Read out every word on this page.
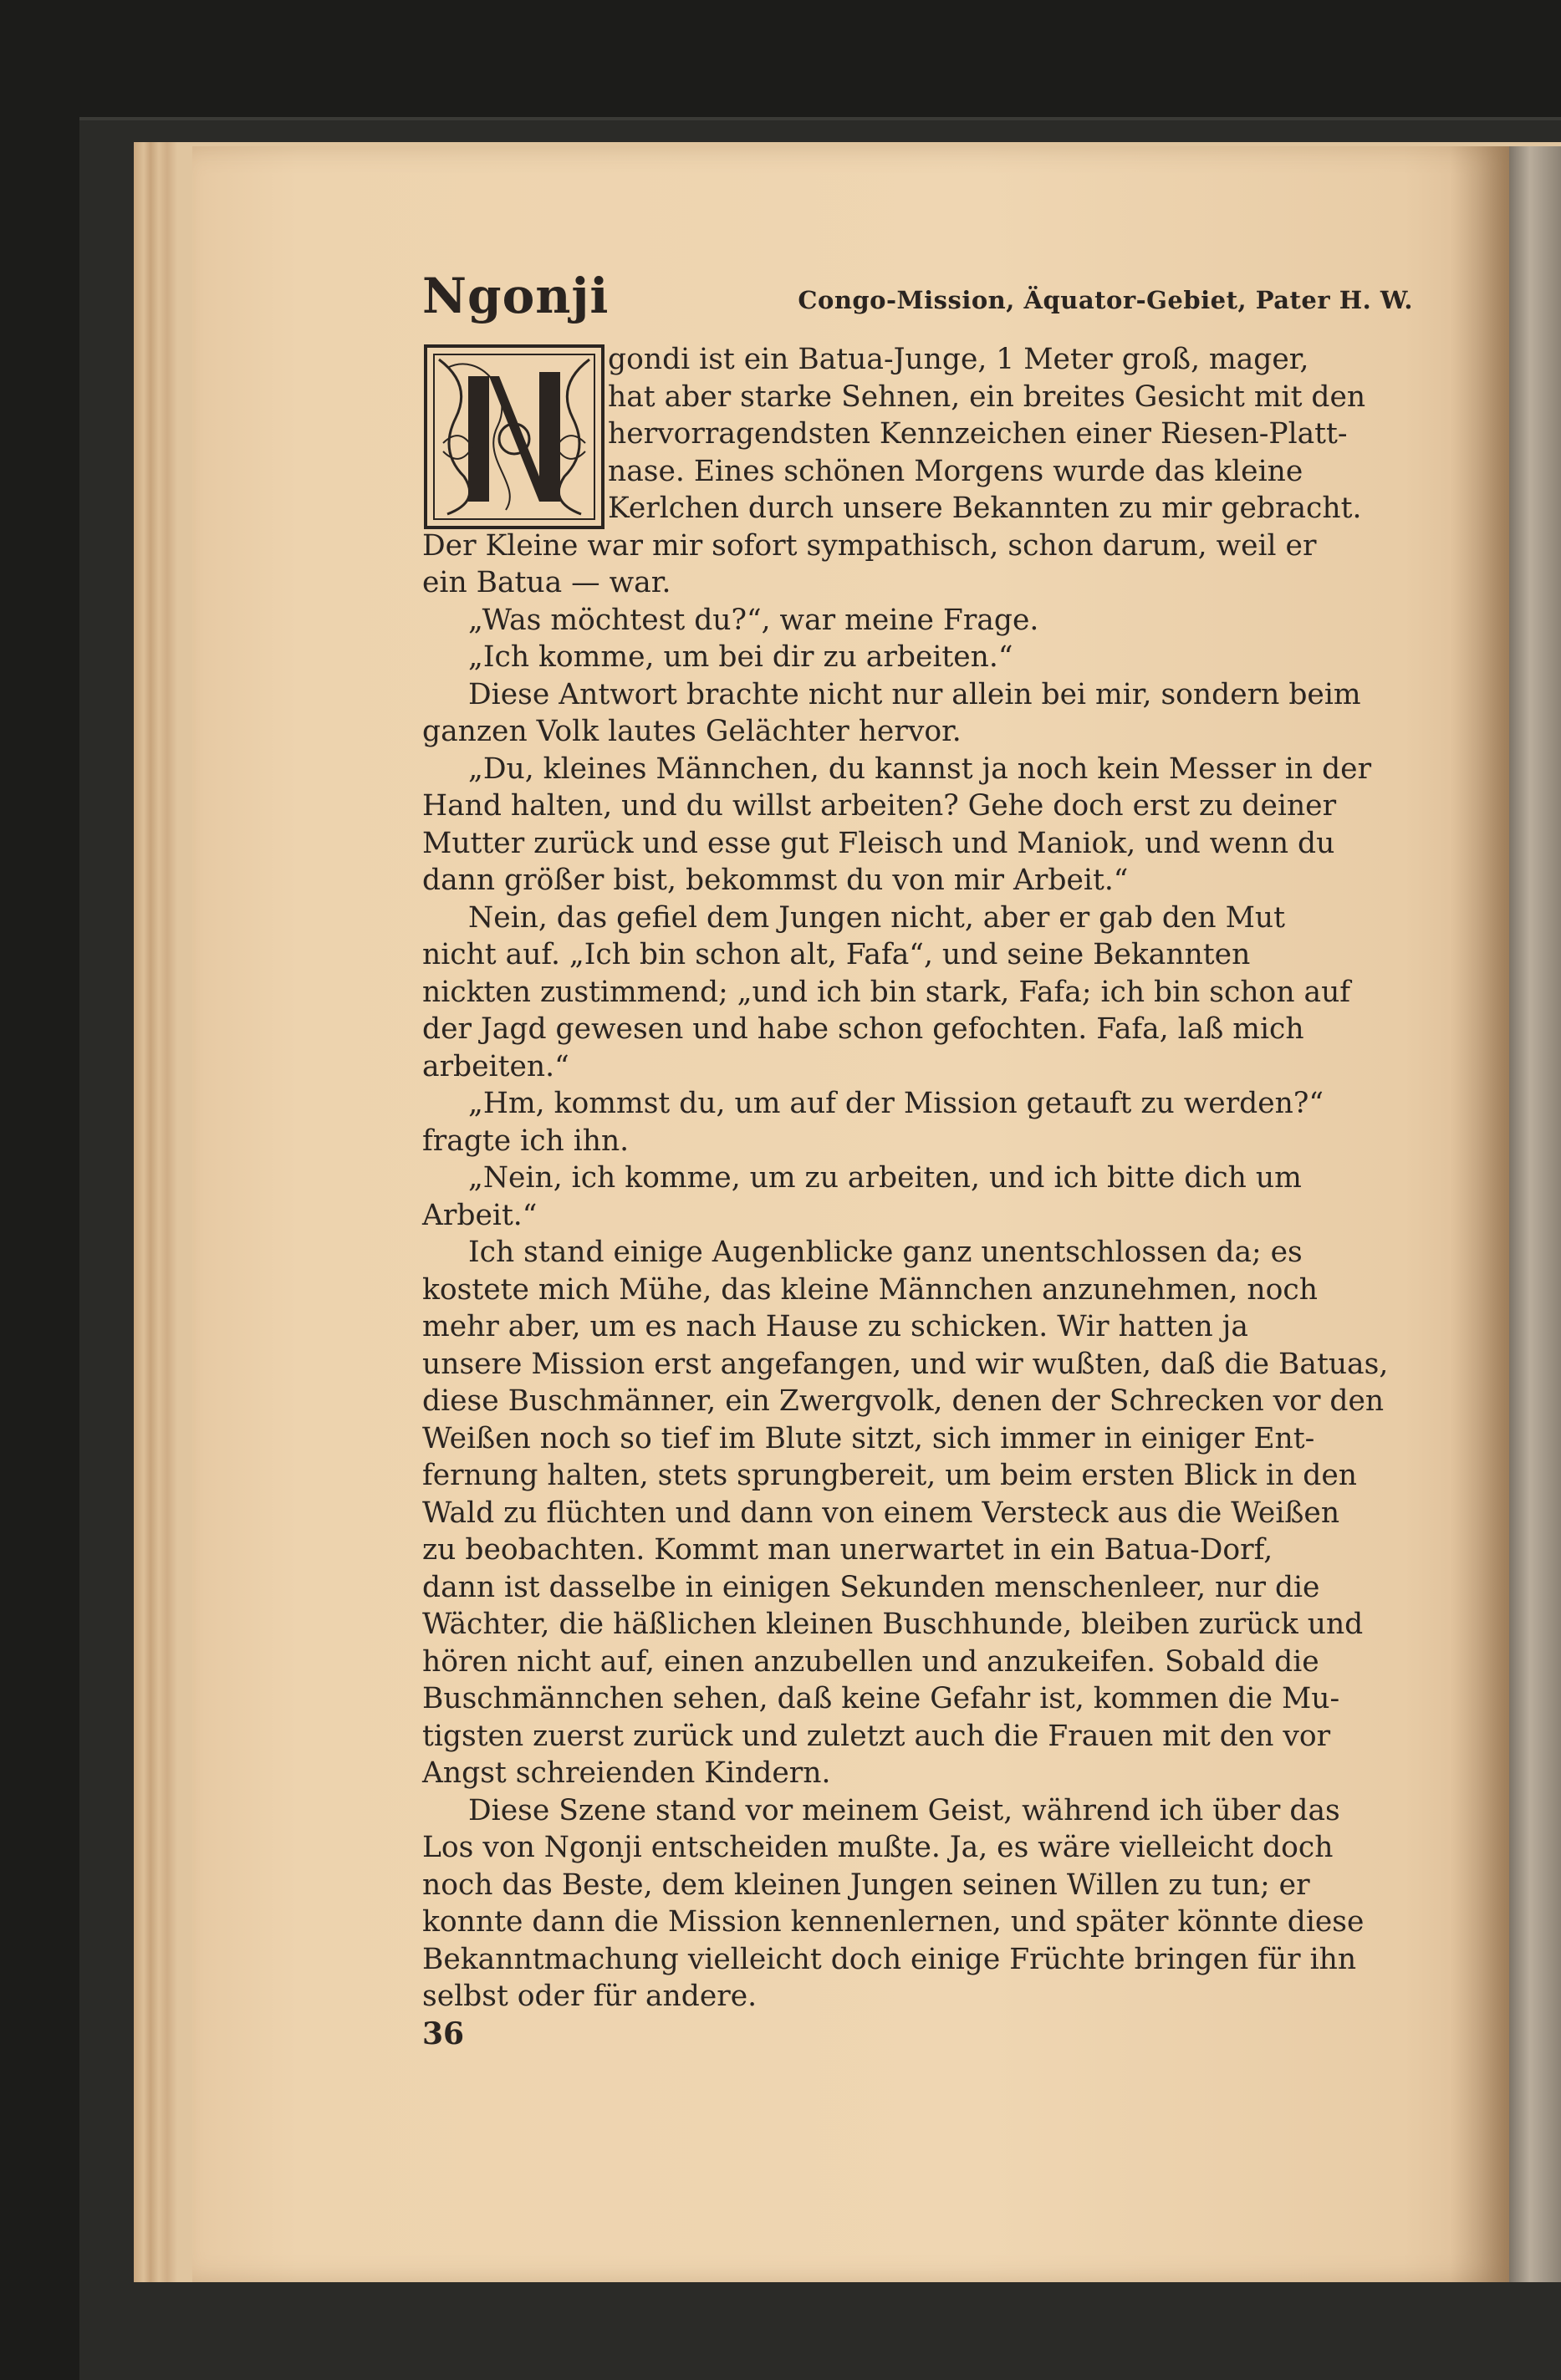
Ngonji	Congo-Mission, Äquator-Gebiet, Pater H. W.
gondi ist ein Batua-Junge, 1 Meter groß, mager,
hat aber starke Sehnen, ein breites Gesicht mit den
hervorragendsten Kennzeichen einer Riesen-Platt-
nase. Eines schönen Morgens wurde das kleine
Kerlchen durch unsere Bekannten zu mir gebracht.
Der Kleine war mir sofort sympathisch, schon darum, weil er
ein Batua — war.
„Was möchtest du?“, war meine Frage.
„Ich komme, um bei dir zu arbeiten.“
Diese Antwort brachte nicht nur allein bei mir, sondern beim
ganzen Volk lautes Gelächter hervor.
„Du, kleines Männchen, du kannst ja noch kein Messer in der
Hand halten, und du willst arbeiten? Gehe doch erst zu deiner
Mutter zurück und esse gut Fleisch und Maniok, und wenn du
dann größer bist, bekommst du von mir Arbeit.“
Nein, das gefiel dem Jungen nicht, aber er gab den Mut
nicht auf. „Ich bin schon alt, Fafa“, und seine Bekannten
nickten zustimmend; „und ich bin stark, Fafa; ich bin schon auf
der Jagd gewesen und habe schon gefochten. Fafa, laß mich
arbeiten.“
„Hm, kommst du, um auf der Mission getauft zu werden?“
fragte ich ihn.
„Nein, ich komme, um zu arbeiten, und ich bitte dich um
Arbeit.“
Ich stand einige Augenblicke ganz unentschlossen da; es
kostete mich Mühe, das kleine Männchen anzunehmen, noch
mehr aber, um es nach Hause zu schicken. Wir hatten ja
unsere Mission erst angefangen, und wir wußten, daß die Batuas,
diese Buschmänner, ein Zwergvolk, denen der Schrecken vor den
Weißen noch so tief im Blute sitzt, sich immer in einiger Ent-
fernung halten, stets sprungbereit, um beim ersten Blick in den
Wald zu flüchten und dann von einem Versteck aus die Weißen
zu beobachten. Kommt man unerwartet in ein Batua-Dorf,
dann ist dasselbe in einigen Sekunden menschenleer, nur die
Wächter, die häßlichen kleinen Buschhunde, bleiben zurück und
hören nicht auf, einen anzubellen und anzukeifen. Sobald die
Buschmännchen sehen, daß keine Gefahr ist, kommen die Mu-
tigsten zuerst zurück und zuletzt auch die Frauen mit den vor
Angst schreienden Kindern.
Diese Szene stand vor meinem Geist, während ich über das
Los von Ngonji entscheiden mußte. Ja, es wäre vielleicht doch
noch das Beste, dem kleinen Jungen seinen Willen zu tun; er
konnte dann die Mission kennenlernen, und später könnte diese
Bekanntmachung vielleicht doch einige Früchte bringen für ihn
selbst oder für andere.
36
